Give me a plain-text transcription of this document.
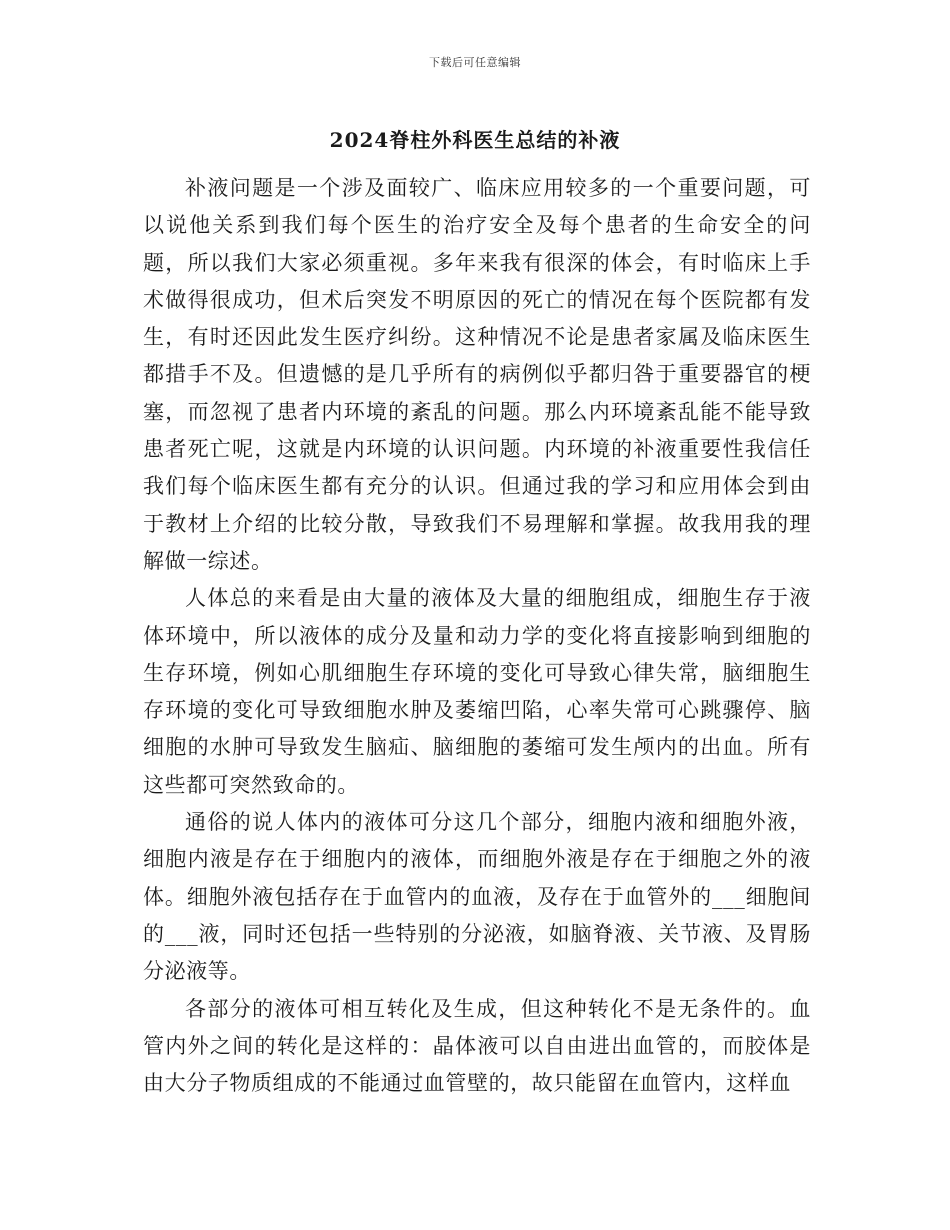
下载后可任意编辑
2024脊柱外科医生总结的补液

补液问题是一个涉及面较广、临床应用较多的一个重要问题，可以说他关系到我们每个医生的治疗安全及每个患者的生命安全的问题，所以我们大家必须重视。多年来我有很深的体会，有时临床上手术做得很成功，但术后突发不明原因的死亡的情况在每个医院都有发生，有时还因此发生医疗纠纷。这种情况不论是患者家属及临床医生都措手不及。但遗憾的是几乎所有的病例似乎都归咎于重要器官的梗塞，而忽视了患者内环境的紊乱的问题。那么内环境紊乱能不能导致患者死亡呢，这就是内环境的认识问题。内环境的补液重要性我信任我们每个临床医生都有充分的认识。但通过我的学习和应用体会到由于教材上介绍的比较分散，导致我们不易理解和掌握。故我用我的理解做一综述。

人体总的来看是由大量的液体及大量的细胞组成，细胞生存于液体环境中，所以液体的成分及量和动力学的变化将直接影响到细胞的生存环境，例如心肌细胞生存环境的变化可导致心律失常，脑细胞生存环境的变化可导致细胞水肿及萎缩凹陷，心率失常可心跳骤停、脑细胞的水肿可导致发生脑疝、脑细胞的萎缩可发生颅内的出血。所有这些都可突然致命的。

通俗的说人体内的液体可分这几个部分，细胞内液和细胞外液，细胞内液是存在于细胞内的液体，而细胞外液是存在于细胞之外的液体。细胞外液包括存在于血管内的血液，及存在于血管外的___细胞间的___液，同时还包括一些特别的分泌液，如脑脊液、关节液、及胃肠分泌液等。

各部分的液体可相互转化及生成，但这种转化不是无条件的。血管内外之间的转化是这样的：晶体液可以自由进出血管的，而胶体是由大分子物质组成的不能通过血管壁的，故只能留在血管内，这样血
